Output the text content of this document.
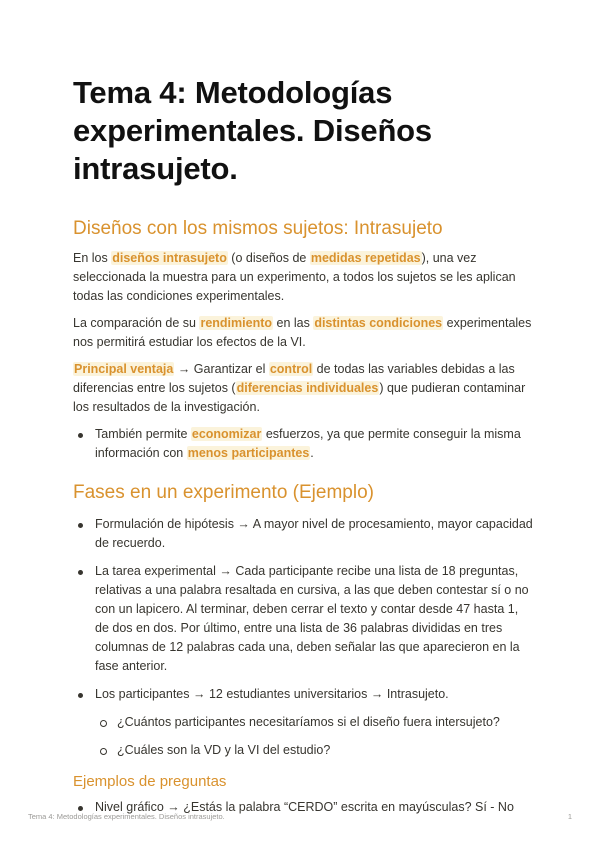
Tema 4: Metodologías experimentales. Diseños intrasujeto.
Diseños con los mismos sujetos: Intrasujeto

En los diseños intrasujeto (o diseños de medidas repetidas), una vez seleccionada la muestra para un experimento, a todos los sujetos se les aplican todas las condiciones experimentales.

La comparación de su rendimiento en las distintas condiciones experimentales nos permitirá estudiar los efectos de la VI.

Principal ventaja → Garantizar el control de todas las variables debidas a las diferencias entre los sujetos (diferencias individuales) que pudieran contaminar los resultados de la investigación.

También permite economizar esfuerzos, ya que permite conseguir la misma información con menos participantes.
Fases en un experimento (Ejemplo)
Formulación de hipótesis → A mayor nivel de procesamiento, mayor capacidad de recuerdo.
La tarea experimental → Cada participante recibe una lista de 18 preguntas, relativas a una palabra resaltada en cursiva, a las que deben contestar sí o no con un lapicero. Al terminar, deben cerrar el texto y contar desde 47 hasta 1, de dos en dos. Por último, entre una lista de 36 palabras divididas en tres columnas de 12 palabras cada una, deben señalar las que aparecieron en la fase anterior.
Los participantes → 12 estudiantes universitarios → Intrasujeto.
¿Cuántos participantes necesitaríamos si el diseño fuera intersujeto?
¿Cuáles son la VD y la VI del estudio?
Ejemplos de preguntas
Nivel gráfico → ¿Estás la palabra “CERDO” escrita en mayúsculas? Sí - No
Tema 4: Metodologías experimentales. Diseños intrasujeto.	1
